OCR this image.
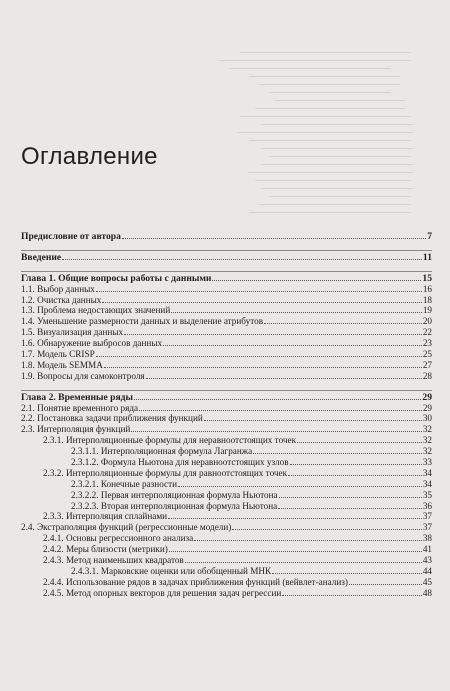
Оглавление
Предисловие от автора	7
Введение	11
Глава 1. Общие вопросы работы с данными	15
1.1. Выбор данных	16
1.2. Очистка данных	18
1.3. Проблема недостающих значений	19
1.4. Уменьшение размерности данных и выделение атрибутов	20
1.5. Визуализация данных	22
1.6. Обнаружение выбросов данных	23
1.7. Модель CRISP	25
1.8. Модель SEMMA	27
1.9. Вопросы для самоконтроля	28
Глава 2. Временные ряды	29
2.1. Понятие временного ряда	29
2.2. Постановка задачи приближения функций	30
2.3. Интерполяция функций	32
2.3.1. Интерполяционные формулы для неравноотстоящих точек	32
2.3.1.1. Интерполяционная формула Лагранжа	32
2.3.1.2. Формула Ньютона для неравноотстоящих узлов	33
2.3.2. Интерполяционные формулы для равноотстоящих точек	34
2.3.2.1. Конечные разности	34
2.3.2.2. Первая интерполяционная формула Ньютона	35
2.3.2.3. Вторая интерполяционная формула Ньютона	36
2.3.3. Интерполяция сплайнами	37
2.4. Экстраполяция функций (регрессионные модели)	37
2.4.1. Основы регрессионного анализа	38
2.4.2. Меры близости (метрики)	41
2.4.3. Метод наименьших квадратов	43
2.4.3.1. Марковские оценки или обобщенный МНК	44
2.4.4. Использование рядов в задачах приближения функций (вейвлет-анализ)	45
2.4.5. Метод опорных векторов для решения задач регрессии	48
